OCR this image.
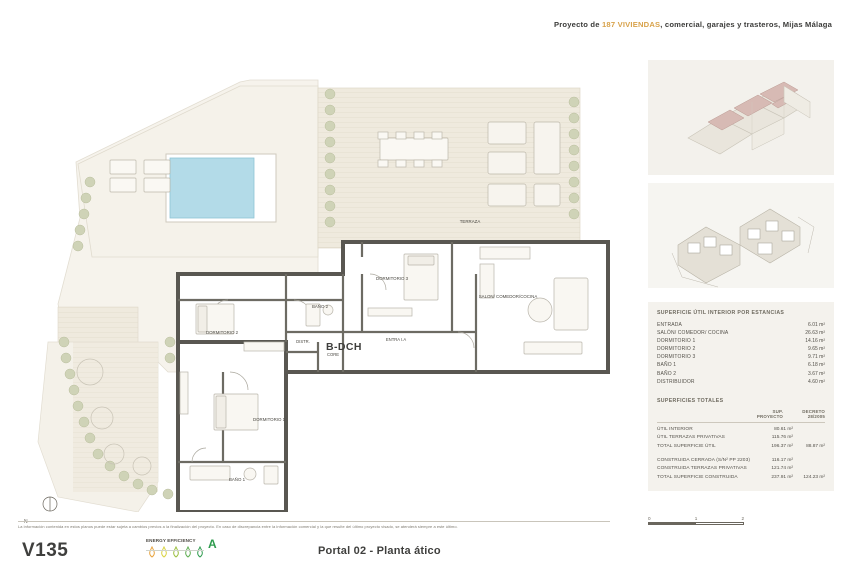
Proyecto de 187 VIVIENDAS, comercial, garajes y trasteros, Mijas Málaga
TERRAZA
DORMITORIO 3
SALON/ COMEDOR/COCINA
BAÑO 2
DORMITORIO 2
DISTR.	ENTRA I.A
CORE
DORMITORIO 1
BAÑO 1
B-DCH
N
SUPERFICIE ÚTIL INTERIOR POR ESTANCIAS
ENTRADA	6.01 m²
SALÓN/ COMEDOR/ COCINA	26.63 m²
DORMITORIO 1	14.16 m²
DORMITORIO 2	9.65 m²
DORMITORIO 3	9.71 m²
BAÑO 1	6.18 m²
BAÑO 2	3.67 m²
DISTRIBUIDOR	4.60 m²
SUPERFICIES TOTALES
SUP. PROYECTO
DECRETO 28/2005
ÚTIL INTERIOR	80.61 m²
ÚTIL TERRAZAS PRIVATIVAS	115.76 m²
TOTAL SUPERFICIE ÚTIL	196.37 m²	88.87 m²
CONSTRUIDA CERRADA (S/N² PP 2203)	116.17 m²
CONSTRUIDA TERRAZAS PRIVATIVAS	121.74 m²
TOTAL SUPERFICIE CONSTRUIDA	237.91 m²	124.23 m²
0	1	2
La información contenida en estos planos puede estar sujeta a cambios previos a la finalización del proyecto. En caso de discrepancia entre la información comercial y la que resulte del último proyecto visado, se atenderá siempre a este último.
V135	ENERGY EFFICIENCY	A	Portal 02 - Planta ático
